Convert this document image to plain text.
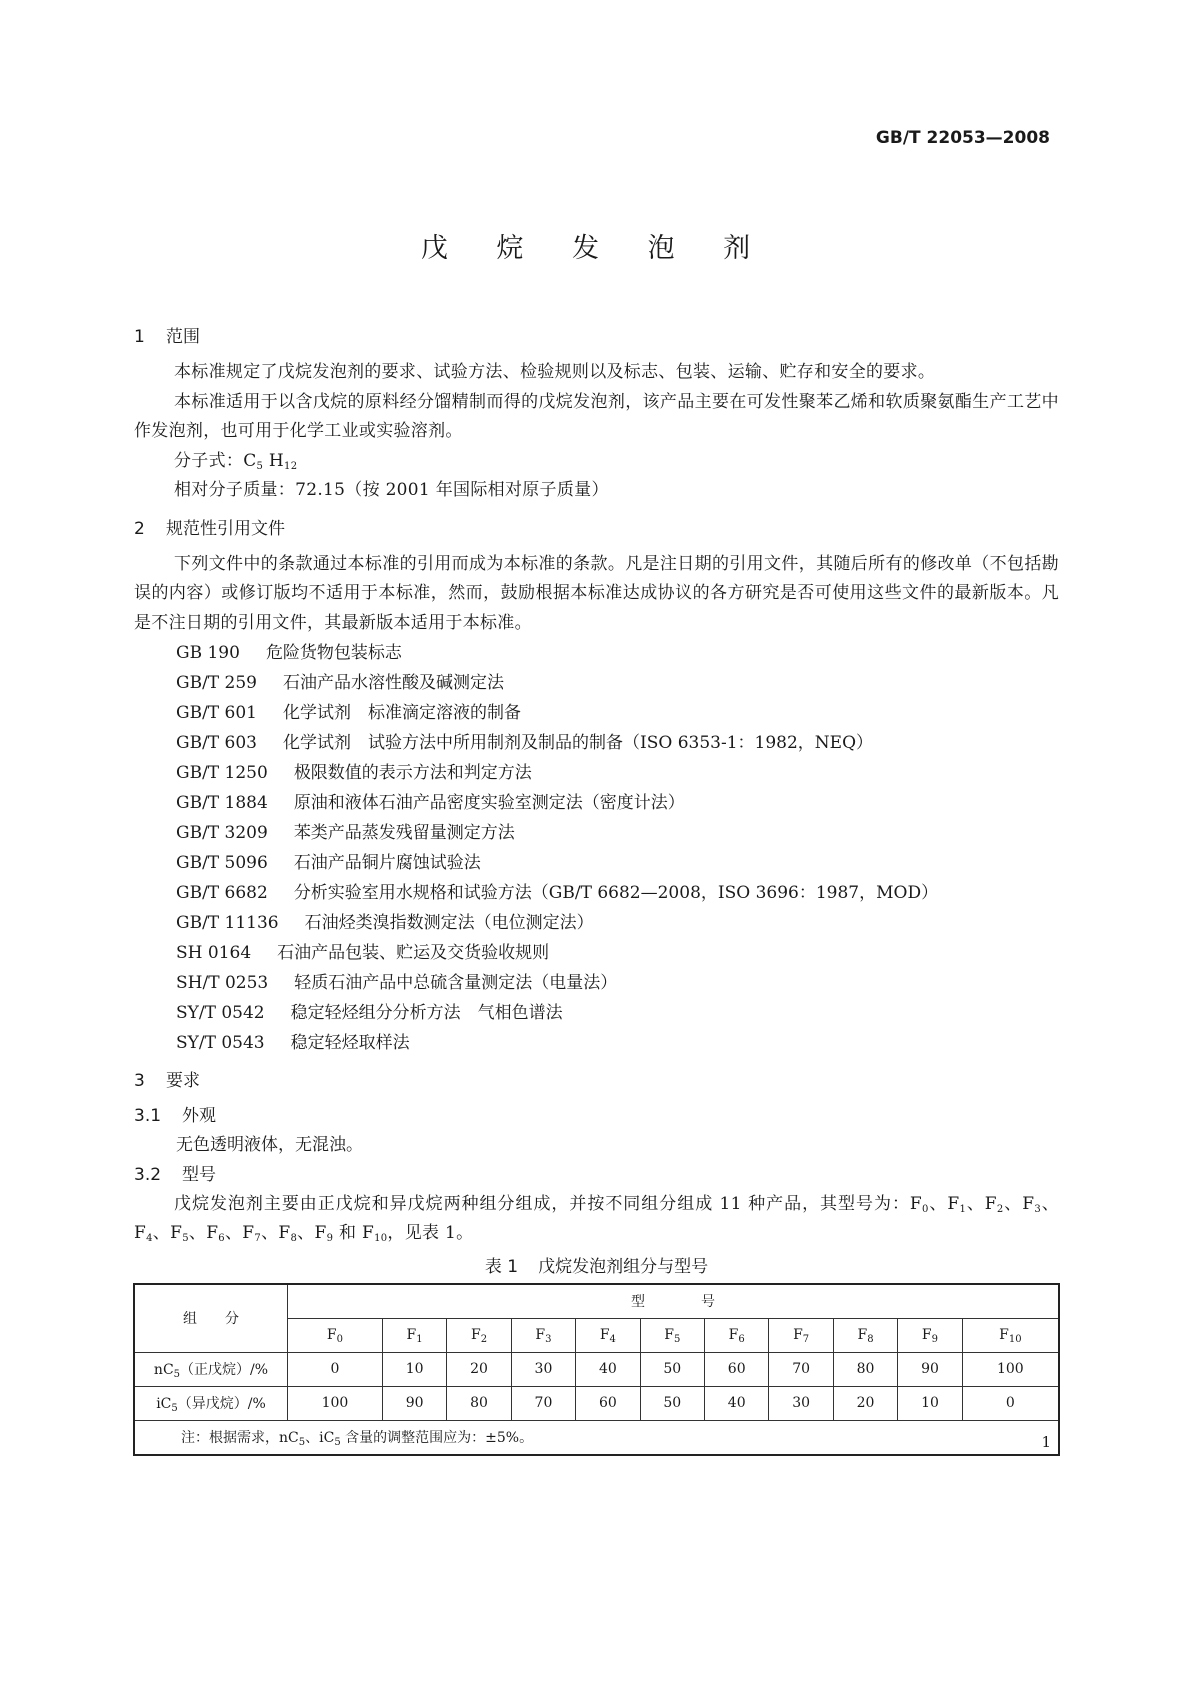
GB/T 22053—2008
戊 烷 发 泡 剂
1 范围
本标准规定了戊烷发泡剂的要求、试验方法、检验规则以及标志、包装、运输、贮存和安全的要求。
本标准适用于以含戊烷的原料经分馏精制而得的戊烷发泡剂，该产品主要在可发性聚苯乙烯和软质聚氨酯生产工艺中作发泡剂，也可用于化学工业或实验溶剂。
分子式：$C_5$ $H_{12}$
相对分子质量：72.15（按 2001 年国际相对原子质量）
2 规范性引用文件
下列文件中的条款通过本标准的引用而成为本标准的条款。凡是注日期的引用文件，其随后所有的修改单（不包括勘误的内容）或修订版均不适用于本标准，然而，鼓励根据本标准达成协议的各方研究是否可使用这些文件的最新版本。凡是不注日期的引用文件，其最新版本适用于本标准。
GB 190 危险货物包装标志
GB/T 259 石油产品水溶性酸及碱测定法
GB/T 601 化学试剂　标准滴定溶液的制备
GB/T 603 化学试剂　试验方法中所用制剂及制品的制备（ISO 6353-1：1982，NEQ）
GB/T 1250 极限数值的表示方法和判定方法
GB/T 1884 原油和液体石油产品密度实验室测定法（密度计法）
GB/T 3209 苯类产品蒸发残留量测定方法
GB/T 5096 石油产品铜片腐蚀试验法
GB/T 6682 分析实验室用水规格和试验方法（GB/T 6682—2008，ISO 3696：1987，MOD）
GB/T 11136 石油烃类溴指数测定法（电位测定法）
SH 0164 石油产品包装、贮运及交货验收规则
SH/T 0253 轻质石油产品中总硫含量测定法（电量法）
SY/T 0542 稳定轻烃组分分析方法　气相色谱法
SY/T 0543 稳定轻烃取样法
3 要求
3.1 外观
无色透明液体，无混浊。
3.2 型号
戊烷发泡剂主要由正戊烷和异戊烷两种组分组成，并按不同组分组成 11 种产品，其型号为：$F_0$、$F_1$、$F_2$、$F_3$、$F_4$、$F_5$、$F_6$、$F_7$、$F_8$、$F_9$ 和 $F_{10}$，见表 1。
表 1 戊烷发泡剂组分与型号
组　　分	型　　　　号										
	$F_0$	$F_1$	$F_2$	$F_3$	$F_4$	$F_5$	$F_6$	$F_7$	$F_8$	$F_9$	$F_{10}$
$nC_5$（正戊烷）/%	0	10	20	30	40	50	60	70	80	90	100
$iC_5$（异戊烷）/%	100	90	80	70	60	50	40	30	20	10	0
注：根据需求，$nC_5$、$iC_5$ 含量的调整范围应为：±5%。												1
